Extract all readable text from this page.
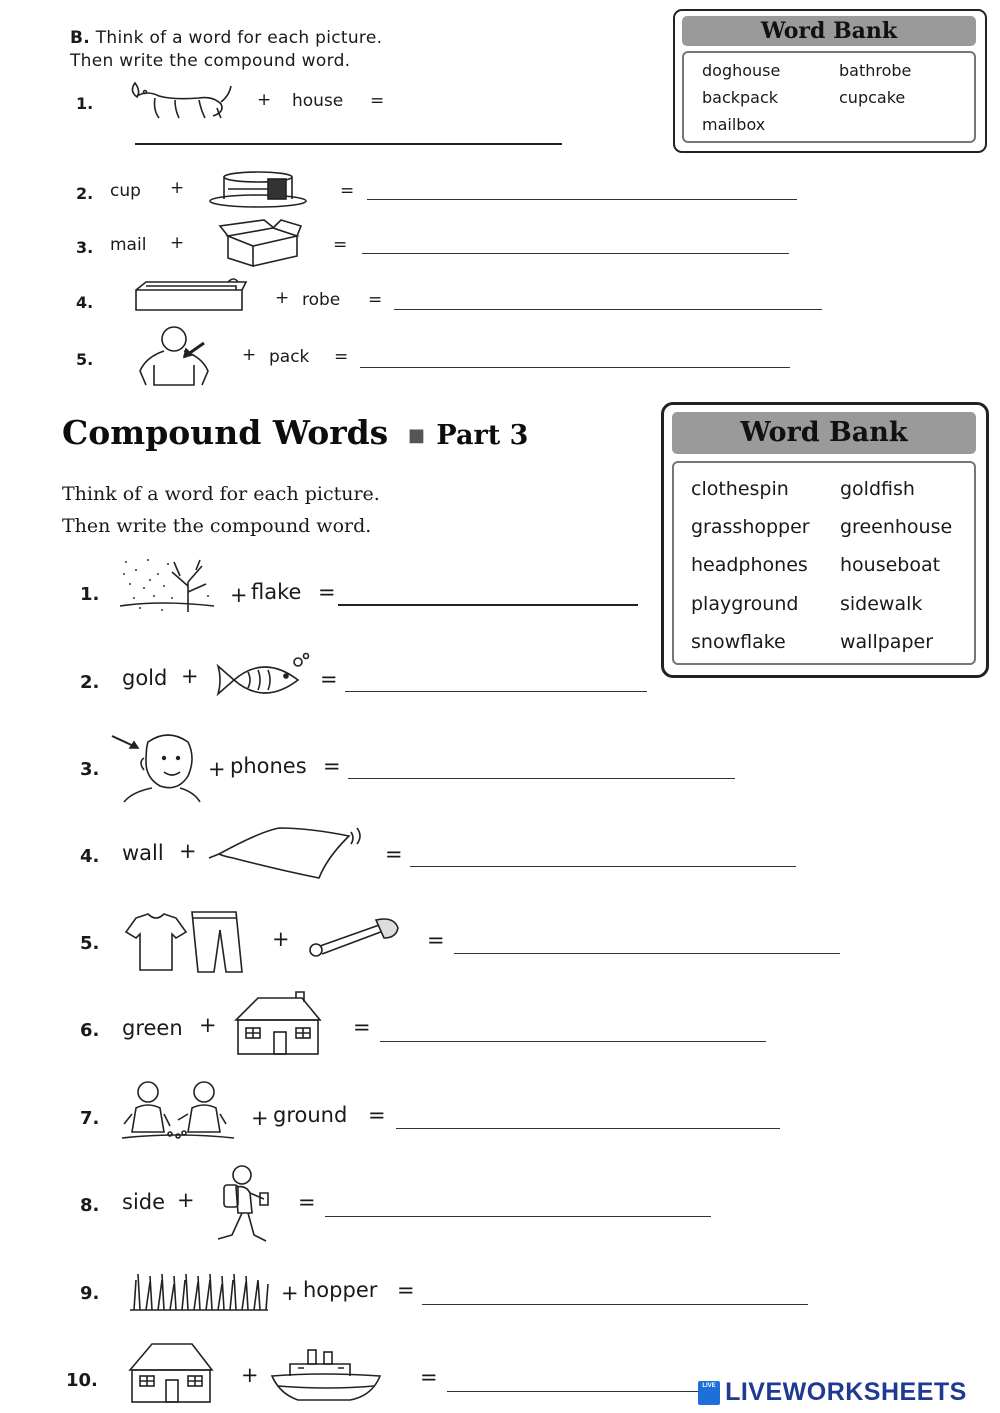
B. Think of a word for each picture.
Then write the compound word.
1.	+ house =
2. cup +	=
3. mail +	=
4.	+ robe =
5.	+ pack =
Word Bank
doghouse	bathrobe
backpack	cupcake
mailbox
Compound Words ■ Part 3
Think of a word for each picture.
Then write the compound word.
1.	+ flake =
2. gold +	=
3.	+ phones =
4. wall +	=
5.	+	=
6. green +	=
7.	+ ground =
8. side +	=
9.	+ hopper =
10.	+	=
Word Bank
clothespin	goldfish
grasshopper greenhouse
headphones houseboat
playground sidewalk
snowflake	wallpaper
LIVE LIVEWORKSHEETS
